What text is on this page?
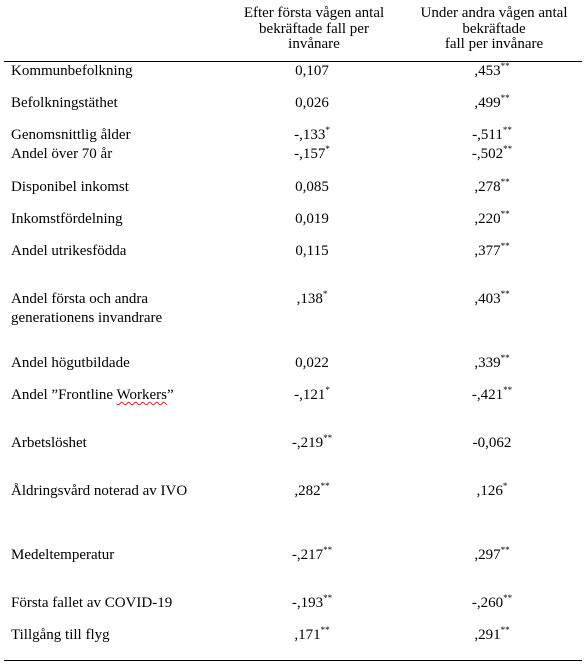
Efter första vågen antal
bekräftade fall per
invånare
Under andra vågen antal
bekräftade
fall per invånare
Kommunbefolkning	0,107	,453**
Befolkningstäthet	0,026	,499**
Genomsnittlig ålder	-,133*	-,511**
Andel över 70 år	-,157*	-,502**
Disponibel inkomst	0,085	,278**
Inkomstfördelning	0,019	,220**
Andel utrikesfödda	0,115	,377**
Andel första och andra
generationens invandrare
,138*	,403**
Andel högutbildade	0,022	,339**
Andel ”Frontline Workers”	-,121*	-,421**
Arbetslöshet	-,219**	-0,062
Åldringsvård noterad av IVO	,282**	,126*
Medeltemperatur	-,217**	,297**
Första fallet av COVID-19	-,193**	-,260**
Tillgång till flyg	,171**	,291**
